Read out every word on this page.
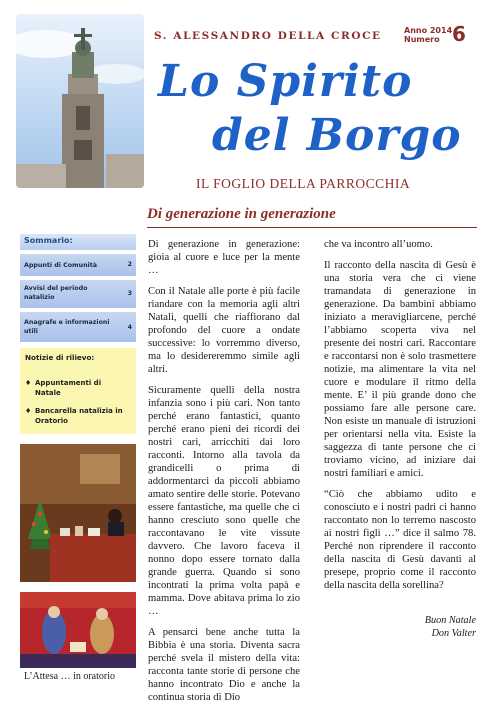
S. ALESSANDRO DELLA CROCE	Anno 2014
Numero 6
Lo Spirito
del Borgo
IL FOGLIO DELLA PARROCCHIA
Di generazione in generazione
Sommario:
Appunti di Comunità	2
Avvisi del periodo natalizio
3
Anagrafe e informazioni utili
4
Notizie di rilievo:
♦ Appuntamenti di Natale
♦ Bancarella natalizia in Oratorio
L’Attesa … in oratorio

Di generazione in generazione: gioia al cuore e luce per la mente …

Con il Natale alle porte è più facile riandare con la memoria agli altri Natali, quelli che riaffiorano dal profondo del cuore a ondate successive: lo vorremmo diverso, ma lo desidereremmo simile agli altri.

Sicuramente quelli della nostra infanzia sono i più cari. Non tanto perché erano fantastici, quanto perché erano pieni dei ricordi dei nostri cari, arricchiti dai loro racconti. Intorno alla tavola da grandicelli o prima di addormentarci da piccoli abbiamo amato sentire delle storie. Potevano essere fantastiche, ma quelle che ci hanno cresciuto sono quelle che raccontavano le vite vissute davvero. Che lavoro faceva il nonno dopo essere tornato dalla grande guerra. Quando si sono incontrati la prima volta papà e mamma. Dove abitava prima lo zio …

A pensarci bene anche tutta la Bibbia è una storia. Diventa sacra perché svela il mistero della vita: racconta tante storie di persone che hanno incontrato Dio e anche la continua storia di Dio

che va incontro all’uomo.

Il racconto della nascita di Gesù è una storia vera che ci viene tramandata di generazione in generazione. Da bambini abbiamo iniziato a meravigliarcene, perché l’abbiamo scoperta viva nel presente dei nostri cari. Raccontare e raccontarsi non è solo trasmettere notizie, ma alimentare la vita nel cuore e modulare il ritmo della mente. E’ il più grande dono che possiamo fare alle persone care. Non esiste un manuale di istruzioni per orientarsi nella vita. Esiste la saggezza di tante persone che ci troviamo vicino, ad iniziare dai nostri familiari e amici.

“Ciò che abbiamo udito e conosciuto e i nostri padri ci hanno raccontato non lo terremo nascosto ai nostri figli …” dice il salmo 78. Perché non riprendere il racconto della nascita di Gesù davanti al presepe, proprio come il racconto della nascita della sorellina?

Buon Natale
Don Valter
